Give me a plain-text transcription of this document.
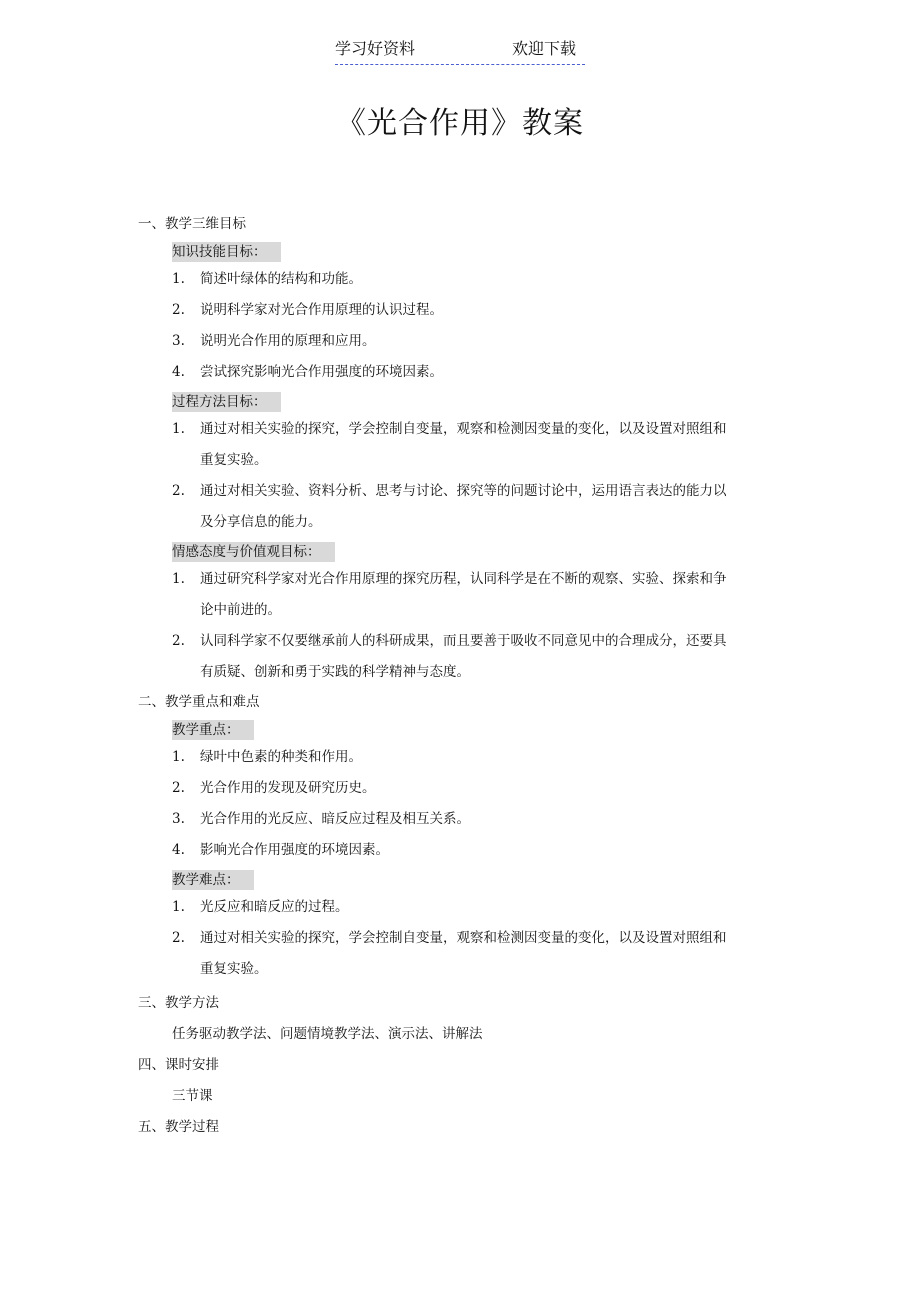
学习好资料	欢迎下载
《光合作用》教案
一、教学三维目标
知识技能目标：
1. 简述叶绿体的结构和功能。
2. 说明科学家对光合作用原理的认识过程。
3. 说明光合作用的原理和应用。
4. 尝试探究影响光合作用强度的环境因素。
过程方法目标：
1. 通过对相关实验的探究，学会控制自变量，观察和检测因变量的变化，以及设置对照组和重复实验。
2. 通过对相关实验、资料分析、思考与讨论、探究等的问题讨论中，运用语言表达的能力以及分享信息的能力。
情感态度与价值观目标：
1. 通过研究科学家对光合作用原理的探究历程，认同科学是在不断的观察、实验、探索和争论中前进的。
2. 认同科学家不仅要继承前人的科研成果，而且要善于吸收不同意见中的合理成分，还要具有质疑、创新和勇于实践的科学精神与态度。
二、教学重点和难点
教学重点：
1. 绿叶中色素的种类和作用。
2. 光合作用的发现及研究历史。
3. 光合作用的光反应、暗反应过程及相互关系。
4. 影响光合作用强度的环境因素。
教学难点：
1. 光反应和暗反应的过程。
2. 通过对相关实验的探究，学会控制自变量，观察和检测因变量的变化，以及设置对照组和重复实验。
三、教学方法
任务驱动教学法、问题情境教学法、演示法、讲解法
四、课时安排
三节课
五、教学过程
